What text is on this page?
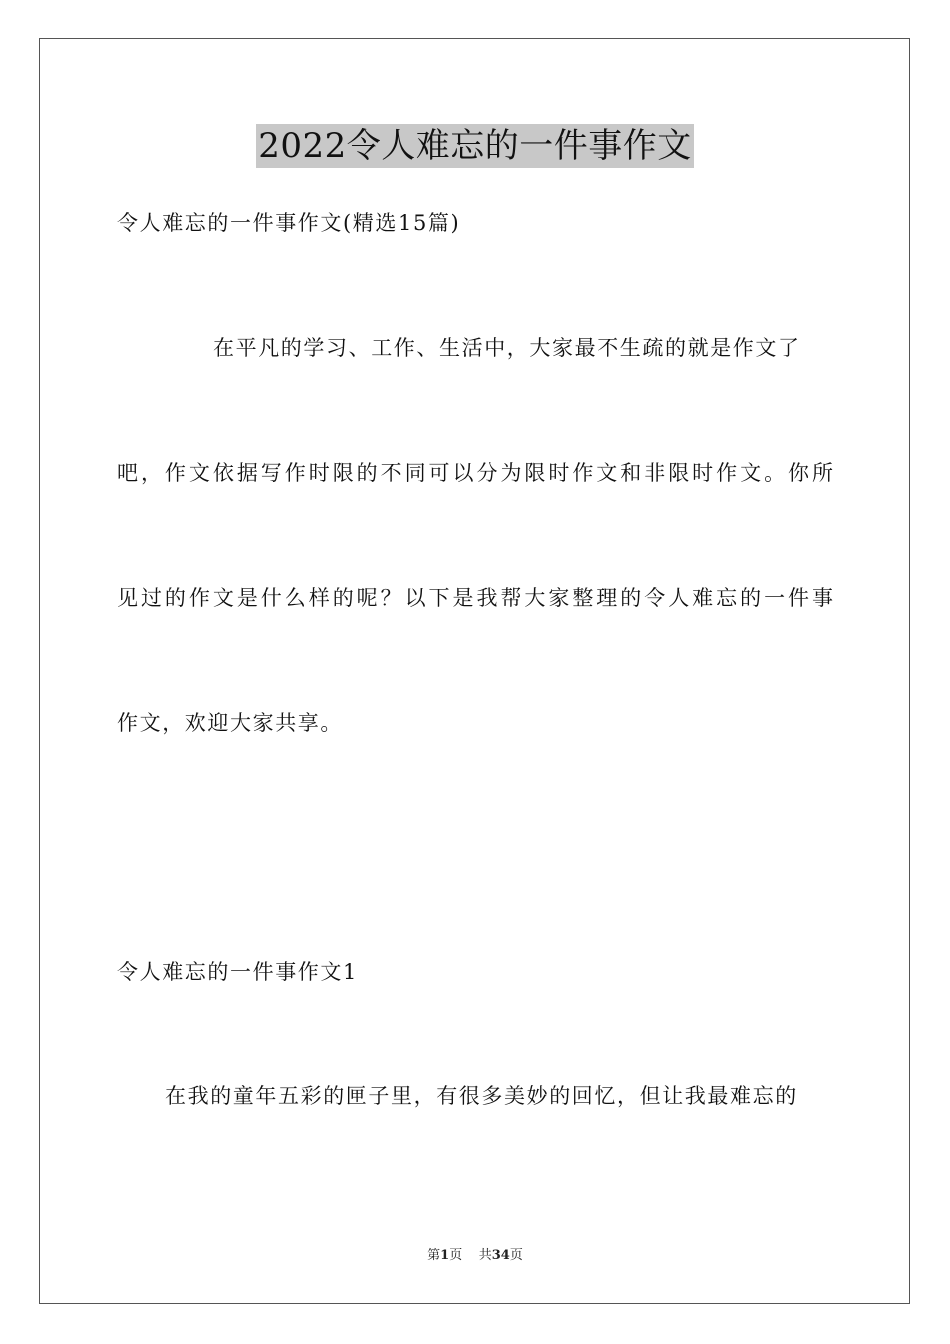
2022令人难忘的一件事作文
令人难忘的一件事作文(精选15篇)
在平凡的学习、工作、生活中，大家最不生疏的就是作文了
吧，作文依据写作时限的不同可以分为限时作文和非限时作文。你所
见过的作文是什么样的呢？以下是我帮大家整理的令人难忘的一件事
作文，欢迎大家共享。
令人难忘的一件事作文1
在我的童年五彩的匣子里，有很多美妙的回忆，但让我最难忘的
第1页 共34页
